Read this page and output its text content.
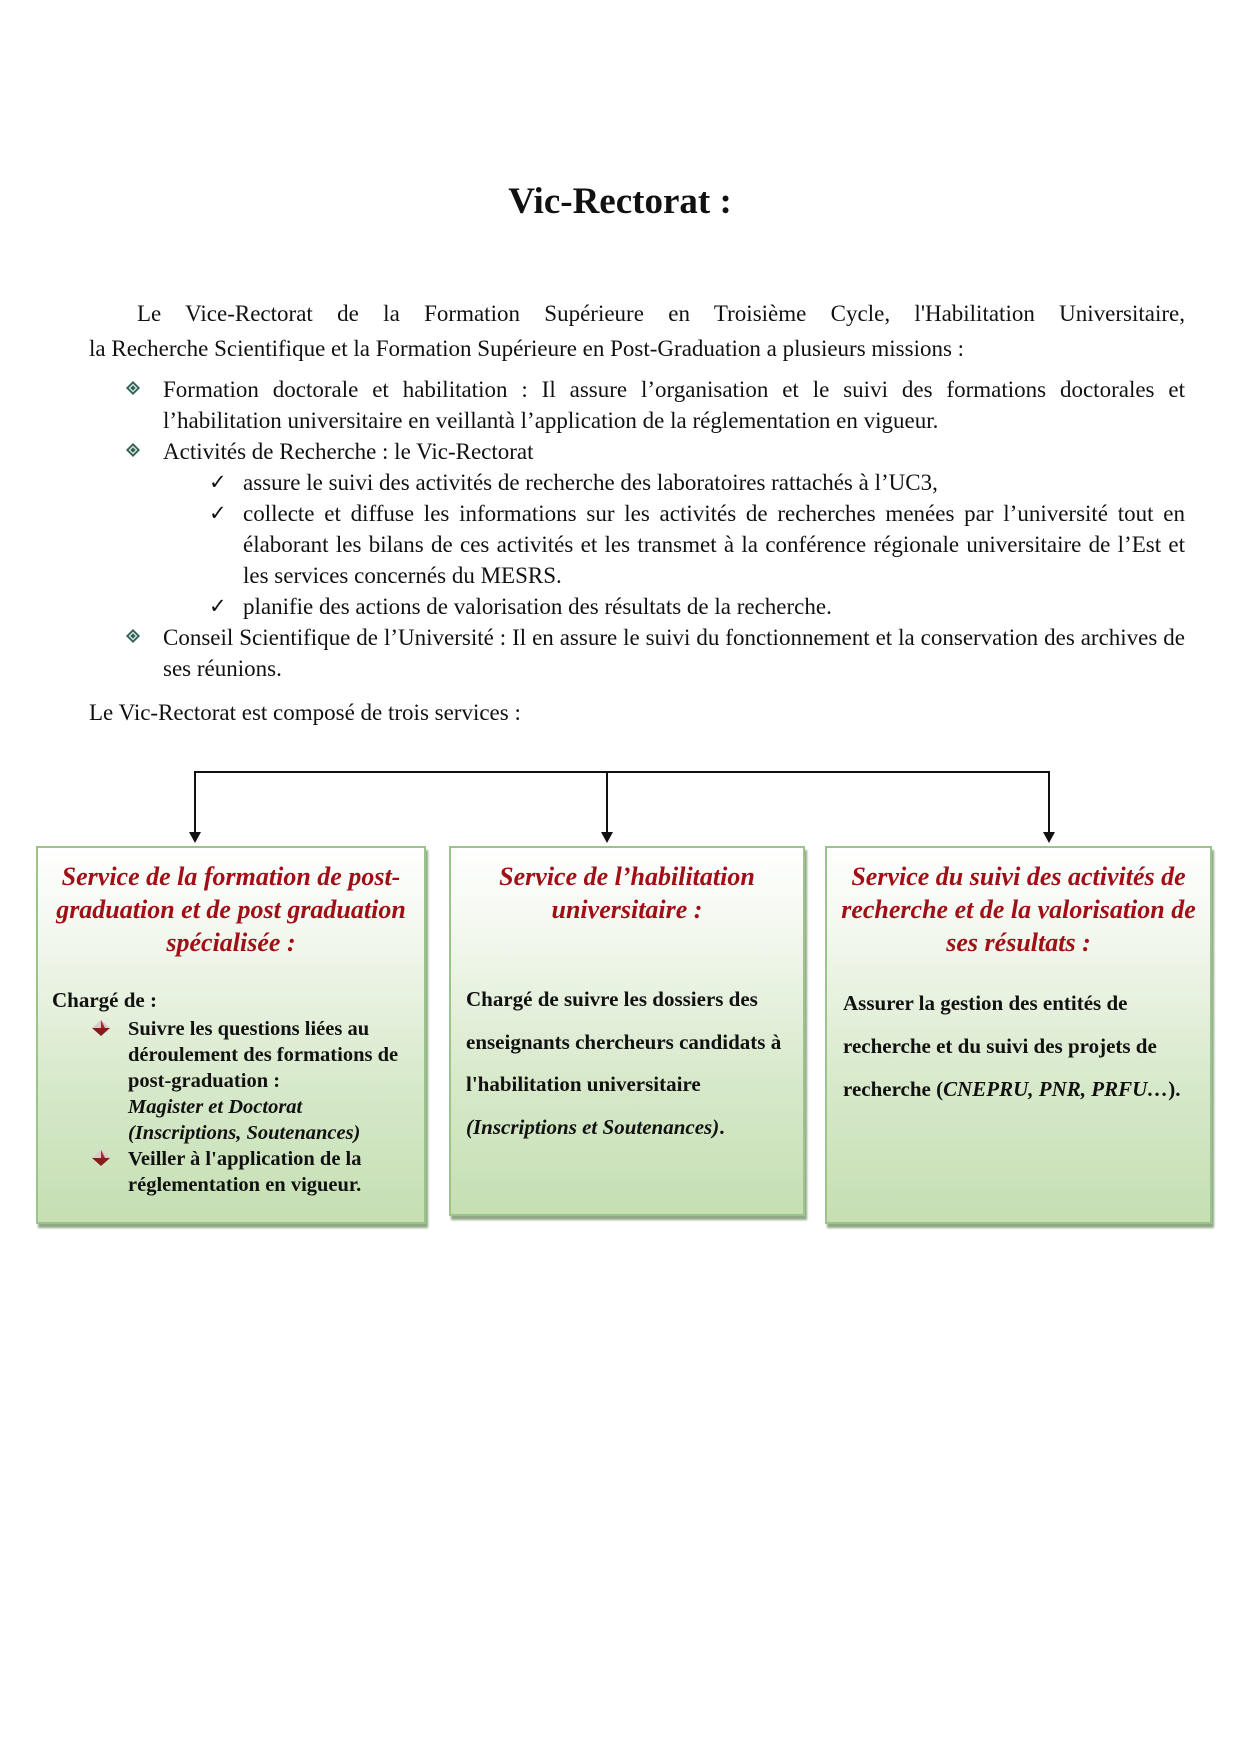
Vic-Rectorat :
Le Vice-Rectorat de la Formation Supérieure en Troisième Cycle, l'Habilitation Universitaire,
la Recherche Scientifique et la Formation Supérieure en Post-Graduation a plusieurs missions :
Formation doctorale et habilitation : Il assure l’organisation et le suivi des formations doctorales et l’habilitation universitaire en veillantà l’application de la réglementation en vigueur.
Activités de Recherche : le Vic-Rectorat
✓ assure le suivi des activités de recherche des laboratoires rattachés à l’UC3,
✓ collecte et diffuse les informations sur les activités de recherches menées par l’université tout en élaborant les bilans de ces activités et les transmet à la conférence régionale universitaire de l’Est et les services concernés du MESRS.
✓ planifie des actions de valorisation des résultats de la recherche.
Conseil Scientifique de l’Université : Il en assure le suivi du fonctionnement et la conservation des archives de ses réunions.
Le Vic-Rectorat est composé de trois services :
Service de la formation de post-graduation et de post graduation spécialisée :
Chargé de :
Suivre les questions liées au déroulement des formations de post-graduation :
Magister et Doctorat
(Inscriptions, Soutenances)
Veiller à l'application de la réglementation en vigueur.
Service de l’habilitation universitaire :
Chargé de suivre les dossiers des enseignants chercheurs candidats à l'habilitation universitaire (Inscriptions et Soutenances).
Service du suivi des activités de recherche et de la valorisation de ses résultats :
Assurer la gestion des entités de recherche et du suivi des projets de recherche (CNEPRU, PNR, PRFU…).
